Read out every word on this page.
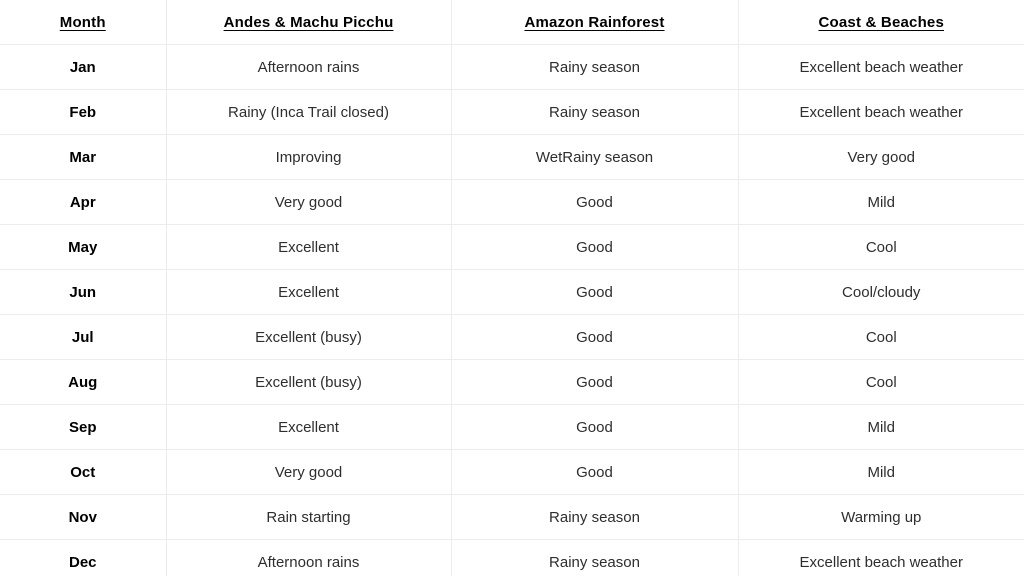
Month	Andes & Machu Picchu	Amazon Rainforest	Coast & Beaches
Jan	Afternoon rains	Rainy season	Excellent beach weather
Feb	Rainy (Inca Trail closed)	Rainy season	Excellent beach weather
Mar	Improving	WetRainy season	Very good
Apr	Very good	Good	Mild
May	Excellent	Good	Cool
Jun	Excellent	Good	Cool/cloudy
Jul	Excellent (busy)	Good	Cool
Aug	Excellent (busy)	Good	Cool
Sep	Excellent	Good	Mild
Oct	Very good	Good	Mild
Nov	Rain starting	Rainy season	Warming up
Dec	Afternoon rains	Rainy season	Excellent beach weather
